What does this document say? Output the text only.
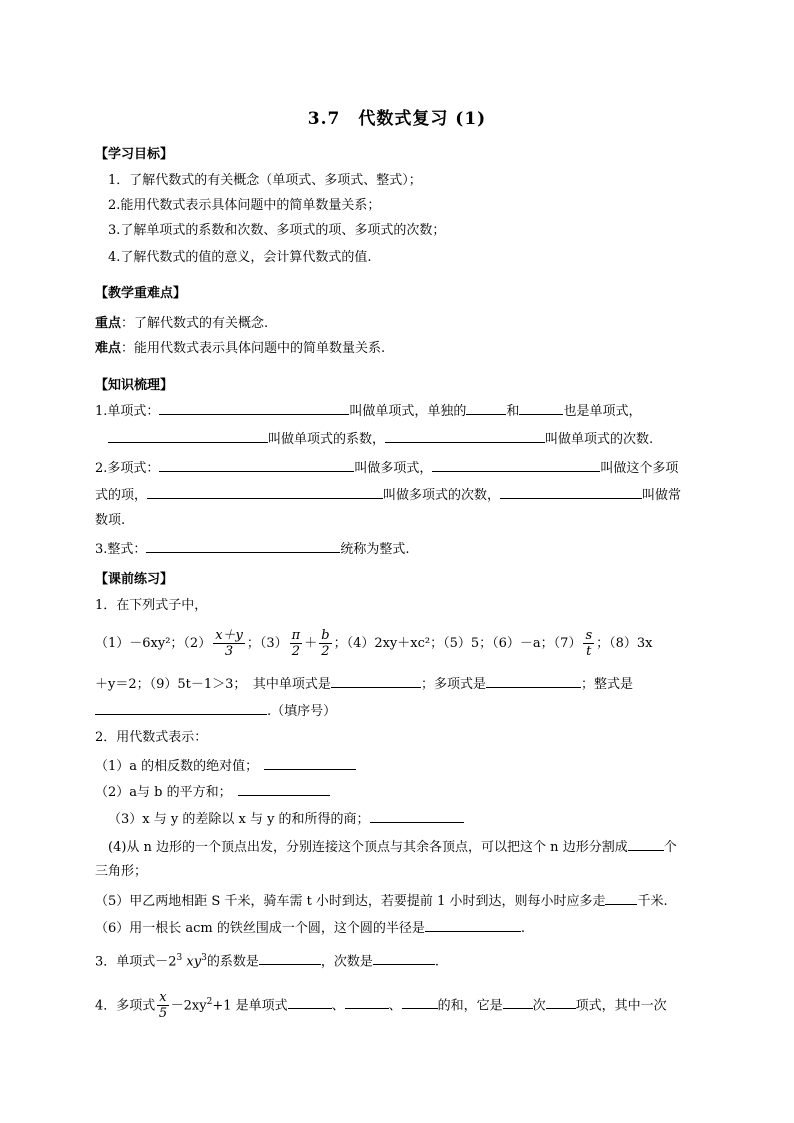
3.7　代数式复习 (1)
【学习目标】
1．了解代数式的有关概念（单项式、多项式、整式）；
2.能用代数式表示具体问题中的简单数量关系；
3.了解单项式的系数和次数、多项式的项、多项式的次数；
4.了解代数式的值的意义，会计算代数式的值.
【教学重难点】
重点：了解代数式的有关概念.
难点：能用代数式表示具体问题中的简单数量关系.
【知识梳理】
1.单项式：	叫做单项式，单独的	和	也是单项式，
叫做单项式的系数，	叫做单项式的次数.
2.多项式：	叫做多项式，	叫做这个多项
式的项，	叫做多项式的次数，	叫做常
数项.
3.整式：	统称为整式.
【课前练习】
1．在下列式子中，
（1）－6xy²；$(2) \frac{x+y}{3}$ ；$(3) \frac{\pi}{2} + \frac{b}{2}$ ；（4）2xy＋xc²；（5）5；（6）－a；$(7) \frac{s}{t}$ ；（8）3x
＋y＝2；（9）5t－1＞3；　其中单项式是	；多项式是	；整式是
.（填序号）
2．用代数式表示：
（1）a 的相反数的绝对值；
（2）a与 b 的平方和；
（3）x 与 y 的差除以 x 与 y 的和所得的商；
(4)从 n 边形的一个顶点出发，分别连接这个顶点与其余各顶点，可以把这个 n 边形分割成	个
三角形；
（5）甲乙两地相距 S 千米，骑车需 t 小时到达，若要提前 1 小时到达，则每小时应多走 千米.
（6）用一根长 acm 的铁丝围成一个圆，这个圆的半径是	.
3．单项式$-2^3$ $xy^3$的系数是	，次数是	.
4．多项式 $\frac{x}{5} -2xy^2+1$ 是单项式	、	、	的和，它是 次 项式，其中一次
